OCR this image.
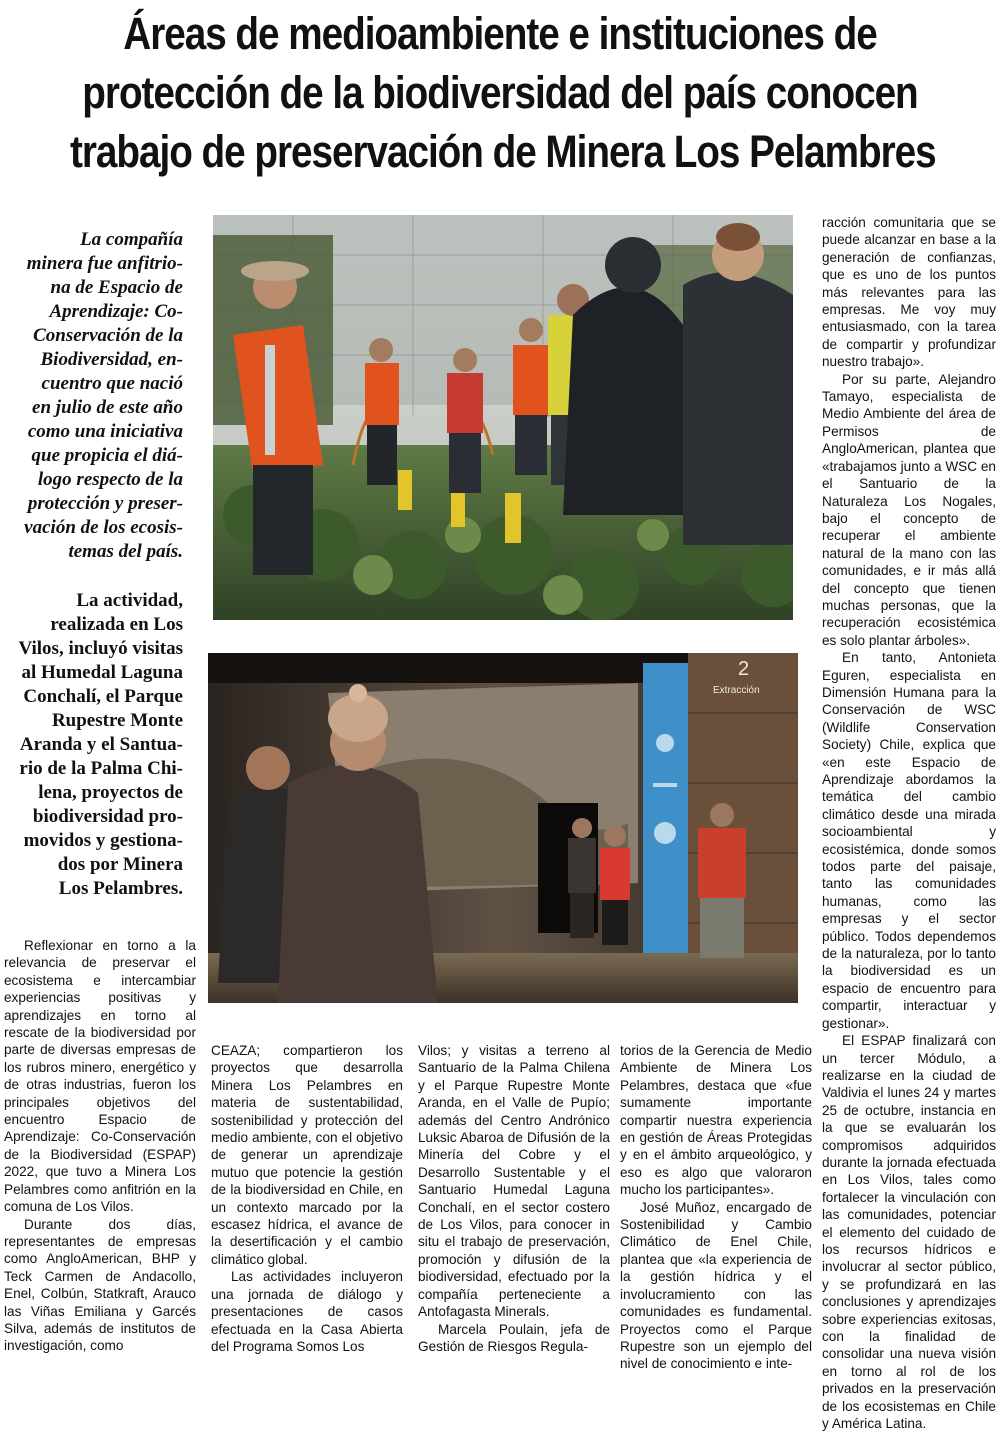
Áreas de medioambiente e instituciones de
protección de la biodiversidad del país conocen
trabajo de preservación de Minera Los Pelambres
La compañía
minera fue anfitrio-
na de Espacio de
Aprendizaje: Co-
Conservación de la
Biodiversidad, en-
cuentro que nació
en julio de este año
como una iniciativa
que propicia el diá-
logo respecto de la
protección y preser-
vación de los ecosis-
temas del país.
La actividad,
realizada en Los
Vilos, incluyó visitas
al Humedal Laguna
Conchalí, el Parque
Rupestre Monte
Aranda y el Santua-
rio de la Palma Chi-
lena, proyectos de
biodiversidad pro-
movidos y gestiona-
dos por Minera
Los Pelambres.
2
Extracción

Reflexionar en torno a la relevancia de preservar el ecosistema e intercambiar experiencias positivas y aprendizajes en torno al rescate de la biodiversidad por parte de diversas empresas de los rubros minero, energético y de otras industrias, fueron los principales objetivos del encuentro Espacio de Aprendizaje: Co-Conservación de la Biodiversidad (ESPAP) 2022, que tuvo a Minera Los Pelambres como anfitrión en la comuna de Los Vilos.

Durante dos días, representantes de empresas como AngloAmerican, BHP y Teck Carmen de Andacollo, Enel, Colbún, Statkraft, Arauco las Viñas Emiliana y Garcés Silva, además de institutos de investigación, como

CEAZA; compartieron los proyectos que desarrolla Minera Los Pelambres en materia de sustentabilidad, sostenibilidad y protección del medio ambiente, con el objetivo de generar un aprendizaje mutuo que potencie la gestión de la biodiversidad en Chile, en un contexto marcado por la escasez hídrica, el avance de la desertificación y el cambio climático global.

Las actividades incluyeron una jornada de diálogo y presentaciones de casos efectuada en la Casa Abierta del Programa Somos Los

Vilos; y visitas a terreno al Santuario de la Palma Chilena y el Parque Rupestre Monte Aranda, en el Valle de Pupío; además del Centro Andrónico Luksic Abaroa de Difusión de la Minería del Cobre y el Desarrollo Sustentable y el Santuario Humedal Laguna Conchalí, en el sector costero de Los Vilos, para conocer in situ el trabajo de preservación, promoción y difusión de la biodiversidad, efectuado por la compañía perteneciente a Antofagasta Minerals.

Marcela Poulain, jefa de Gestión de Riesgos Regula-

torios de la Gerencia de Medio Ambiente de Minera Los Pelambres, destaca que «fue sumamente importante compartir nuestra experiencia en gestión de Áreas Protegidas y en el ámbito arqueológico, y eso es algo que valoraron mucho los participantes».

José Muñoz, encargado de Sostenibilidad y Cambio Climático de Enel Chile, plantea que «la experiencia de la gestión hídrica y el involucramiento con las comunidades es fundamental. Proyectos como el Parque Rupestre son un ejemplo del nivel de conocimiento e inte-

racción comunitaria que se puede alcanzar en base a la generación de confianzas, que es uno de los puntos más relevantes para las empresas. Me voy muy entusiasmado, con la tarea de compartir y profundizar nuestro trabajo».

Por su parte, Alejandro Tamayo, especialista de Medio Ambiente del área de Permisos de AngloAmerican, plantea que «trabajamos junto a WSC en el Santuario de la Naturaleza Los Nogales, bajo el concepto de recuperar el ambiente natural de la mano con las comunidades, e ir más allá del concepto que tienen muchas personas, que la recuperación ecosistémica es solo plantar árboles».

En tanto, Antonieta Eguren, especialista en Dimensión Humana para la Conservación de WSC (Wildlife Conservation Society) Chile, explica que «en este Espacio de Aprendizaje abordamos la temática del cambio climático desde una mirada socioambiental y ecosistémica, donde somos todos parte del paisaje, tanto las comunidades humanas, como las empresas y el sector público. Todos dependemos de la naturaleza, por lo tanto la biodiversidad es un espacio de encuentro para compartir, interactuar y gestionar».

El ESPAP finalizará con un tercer Módulo, a realizarse en la ciudad de Valdivia el lunes 24 y martes 25 de octubre, instancia en la que se evaluarán los compromisos adquiridos durante la jornada efectuada en Los Vilos, tales como fortalecer la vinculación con las comunidades, potenciar el elemento del cuidado de los recursos hídricos e involucrar al sector público, y se profundizará en las conclusiones y aprendizajes sobre experiencias exitosas, con la finalidad de consolidar una nueva visión en torno al rol de los privados en la preservación de los ecosistemas en Chile y América Latina.
